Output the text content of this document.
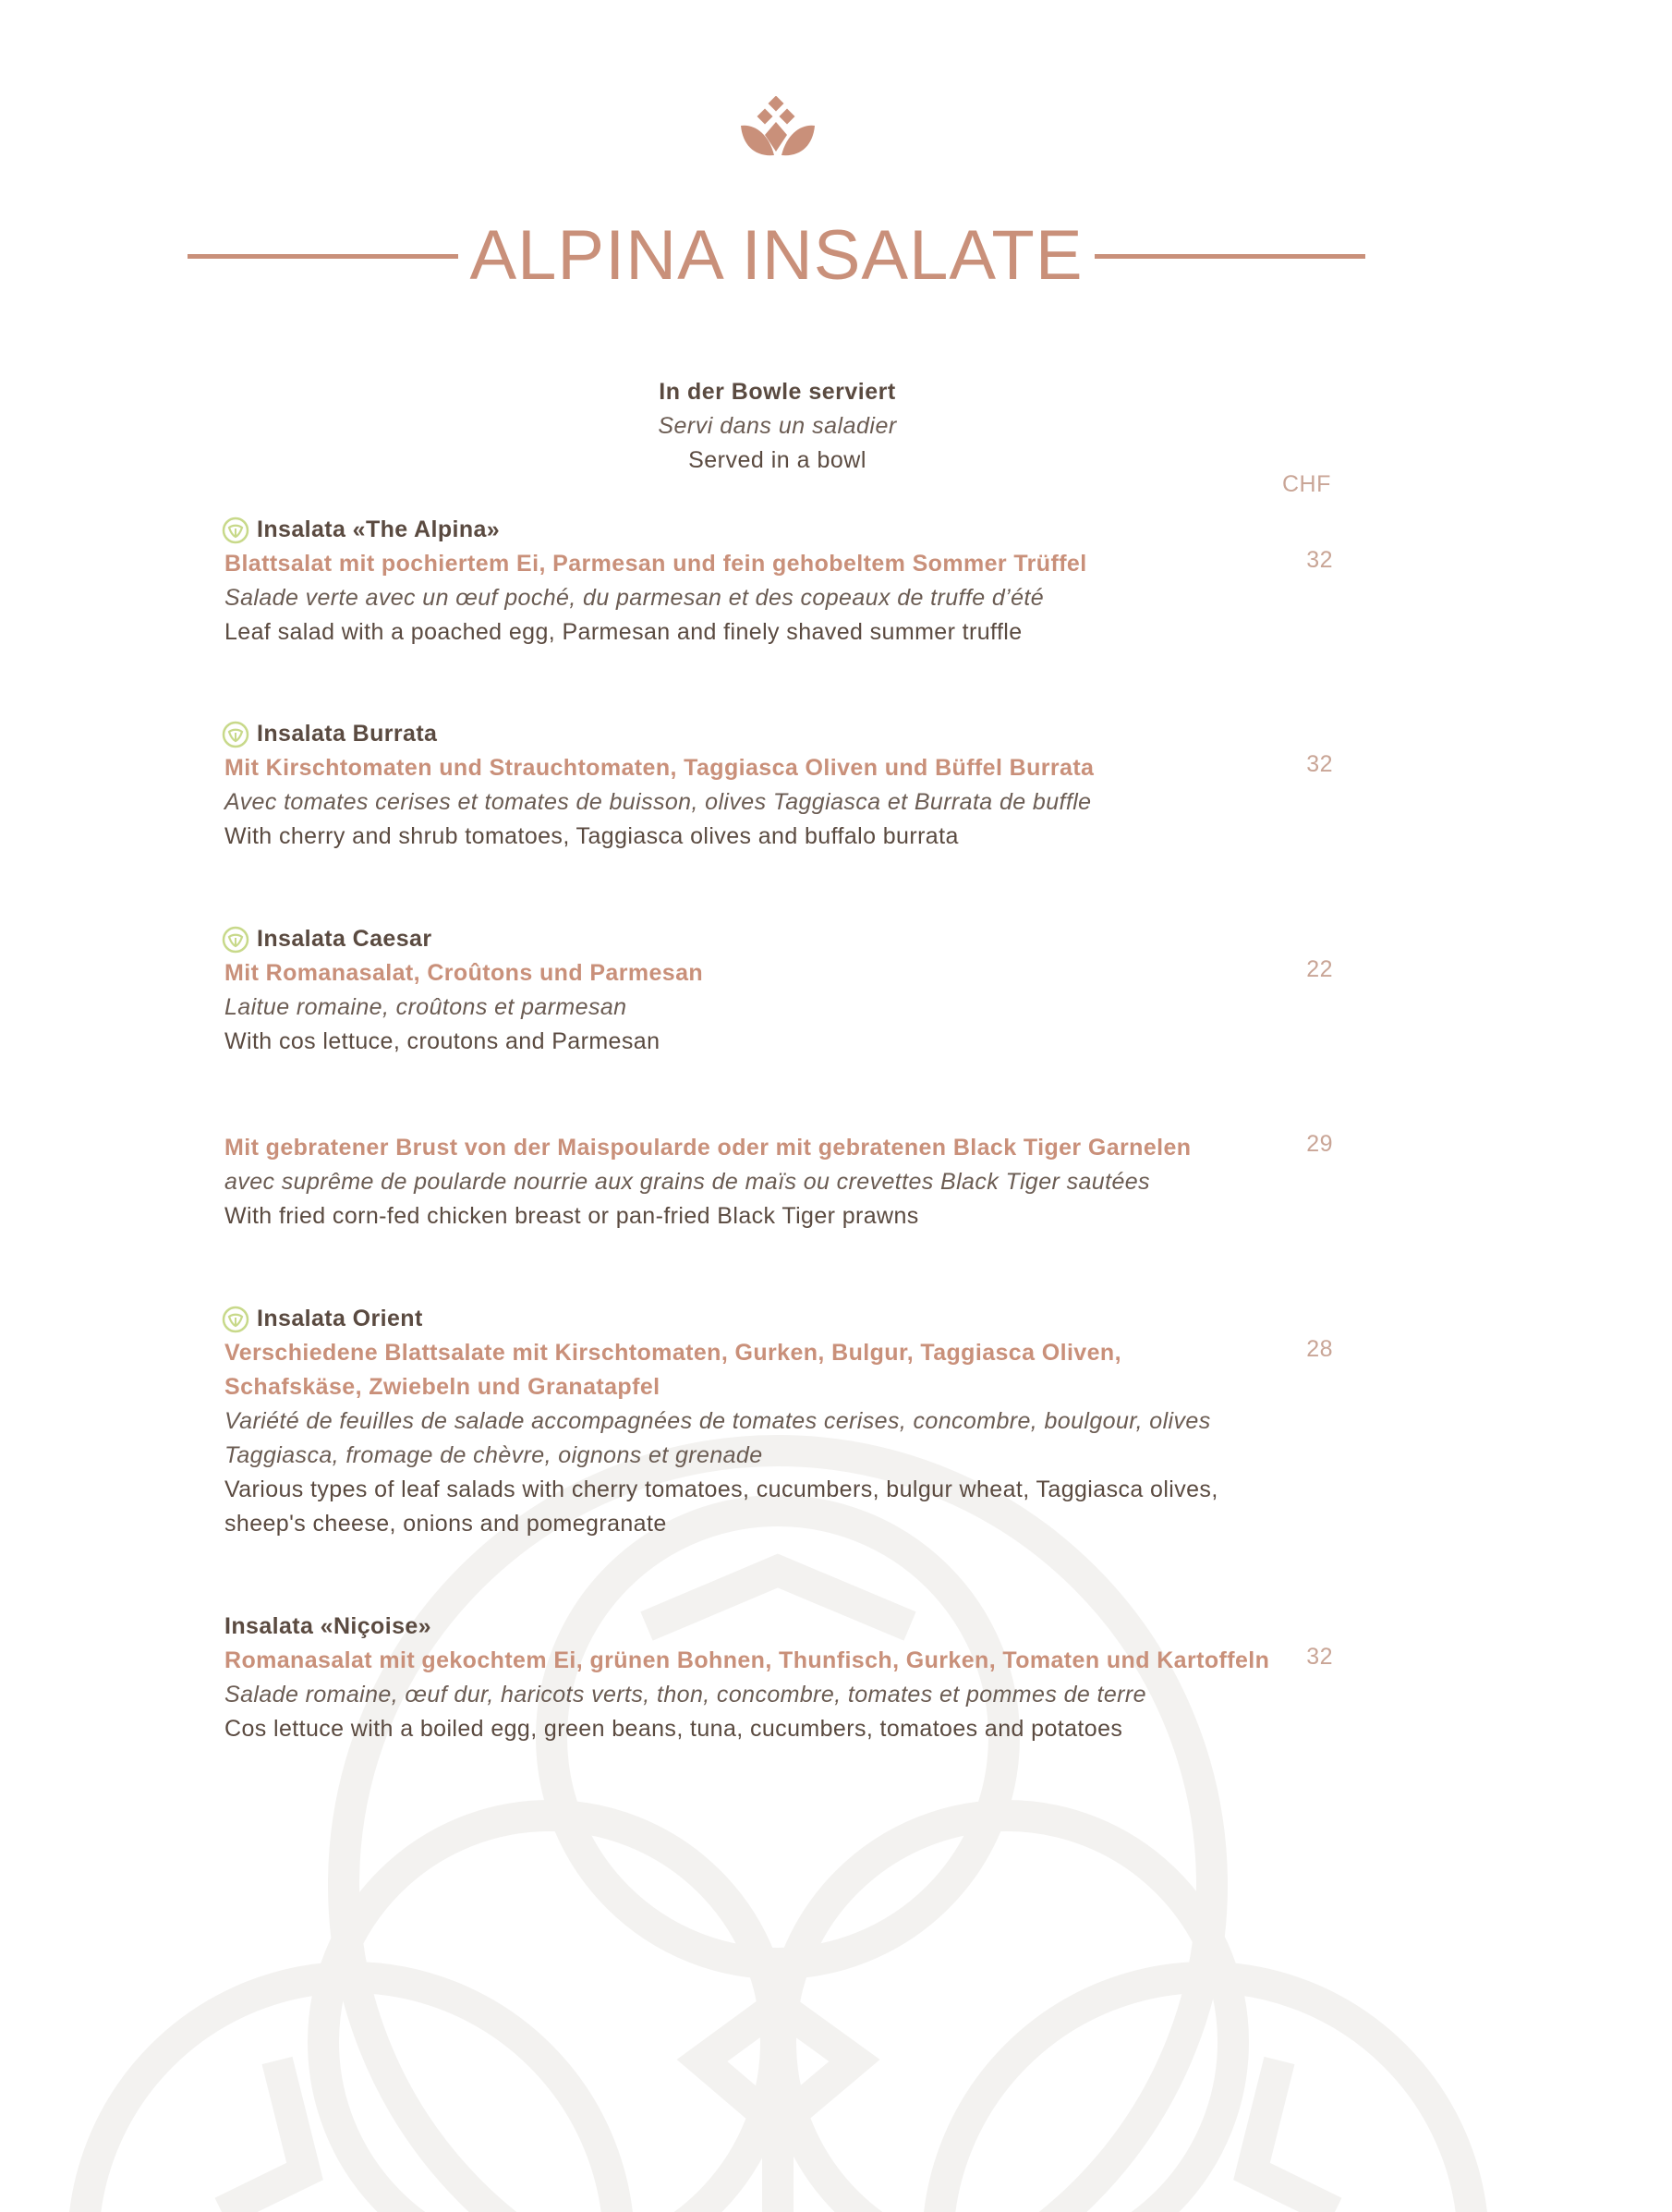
ALPINA INSALATE
In der Bowle serviert
Servi dans un saladier
Served in a bowl
CHF
Insalata «The Alpina»
Blattsalat mit pochiertem Ei, Parmesan und fein gehobeltem Sommer Trüffel
Salade verte avec un œuf poché, du parmesan et des copeaux de truffe d’été
Leaf salad with a poached egg, Parmesan and finely shaved summer truffle
32
Insalata Burrata
Mit Kirschtomaten und Strauchtomaten, Taggiasca Oliven und Büffel Burrata
Avec tomates cerises et tomates de buisson, olives Taggiasca et Burrata de buffle
With cherry and shrub tomatoes, Taggiasca olives and buffalo burrata
32
Insalata Caesar
Mit Romanasalat, Croûtons und Parmesan
Laitue romaine, croûtons et parmesan
With cos lettuce, croutons and Parmesan
22
Mit gebratener Brust von der Maispoularde oder mit gebratenen Black Tiger Garnelen
avec suprême de poularde nourrie aux grains de maïs ou crevettes Black Tiger sautées
With fried corn-fed chicken breast or pan-fried Black Tiger prawns
29
Insalata Orient
Verschiedene Blattsalate mit Kirschtomaten, Gurken, Bulgur, Taggiasca Oliven,
Schafskäse, Zwiebeln und Granatapfel
Variété de feuilles de salade accompagnées de tomates cerises, concombre, boulgour, olives
Taggiasca, fromage de chèvre, oignons et grenade
Various types of leaf salads with cherry tomatoes, cucumbers, bulgur wheat, Taggiasca olives,
sheep's cheese, onions and pomegranate
28
Insalata «Niçoise»
Romanasalat mit gekochtem Ei, grünen Bohnen, Thunfisch, Gurken, Tomaten und Kartoffeln
Salade romaine, œuf dur, haricots verts, thon, concombre, tomates et pommes de terre
Cos lettuce with a boiled egg, green beans, tuna, cucumbers, tomatoes and potatoes
32
